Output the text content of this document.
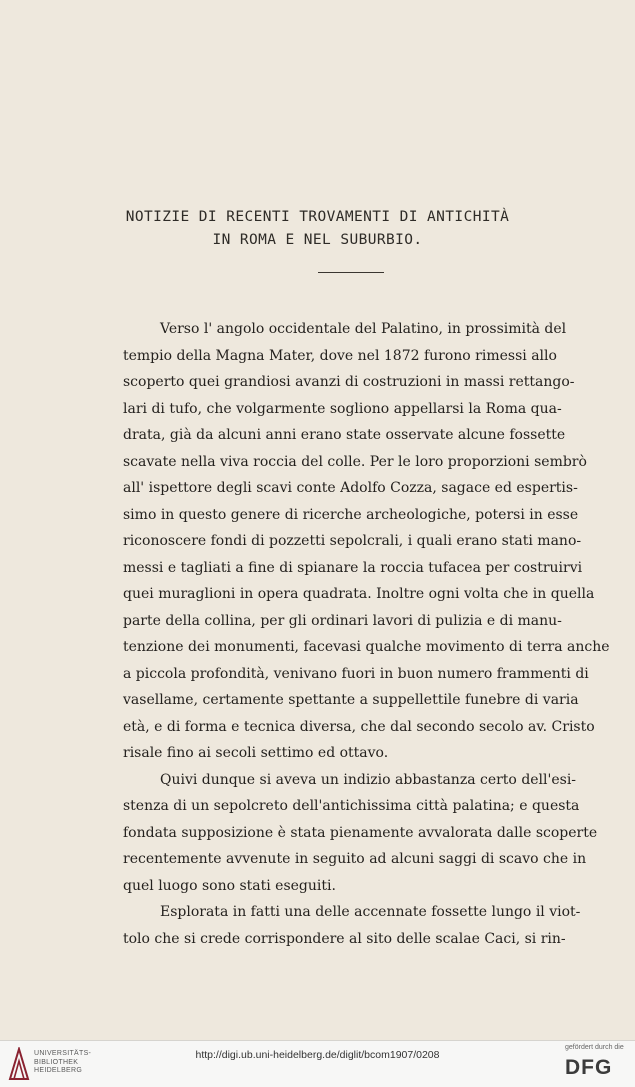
NOTIZIE DI RECENTI TROVAMENTI DI ANTICHITÀ
IN ROMA E NEL SUBURBIO.
Verso l' angolo occidentale del Palatino, in prossimità del
tempio della Magna Mater, dove nel 1872 furono rimessi allo
scoperto quei grandiosi avanzi di costruzioni in massi rettango-
lari di tufo, che volgarmente sogliono appellarsi la Roma qua-
drata, già da alcuni anni erano state osservate alcune fossette
scavate nella viva roccia del colle. Per le loro proporzioni sembrò
all' ispettore degli scavi conte Adolfo Cozza, sagace ed espertis-
simo in questo genere di ricerche archeologiche, potersi in esse
riconoscere fondi di pozzetti sepolcrali, i quali erano stati mano-
messi e tagliati a fine di spianare la roccia tufacea per costruirvi
quei muraglioni in opera quadrata. Inoltre ogni volta che in quella
parte della collina, per gli ordinari lavori di pulizia e di manu-
tenzione dei monumenti, facevasi qualche movimento di terra anche
a piccola profondità, venivano fuori in buon numero frammenti di
vasellame, certamente spettante a suppellettile funebre di varia
età, e di forma e tecnica diversa, che dal secondo secolo av. Cristo
risale fino ai secoli settimo ed ottavo.
Quivi dunque si aveva un indizio abbastanza certo dell'esi-
stenza di un sepolcreto dell'antichissima città palatina; e questa
fondata supposizione è stata pienamente avvalorata dalle scoperte
recentemente avvenute in seguito ad alcuni saggi di scavo che in
quel luogo sono stati eseguiti.
Esplorata in fatti una delle accennate fossette lungo il viot-
tolo che si crede corrispondere al sito delle scalae Caci, si rin-
UNIVERSITÄTS-
BIBLIOTHEK
HEIDELBERG
http://digi.ub.uni-heidelberg.de/diglit/bcom1907/0208
gefördert durch die
DFG
